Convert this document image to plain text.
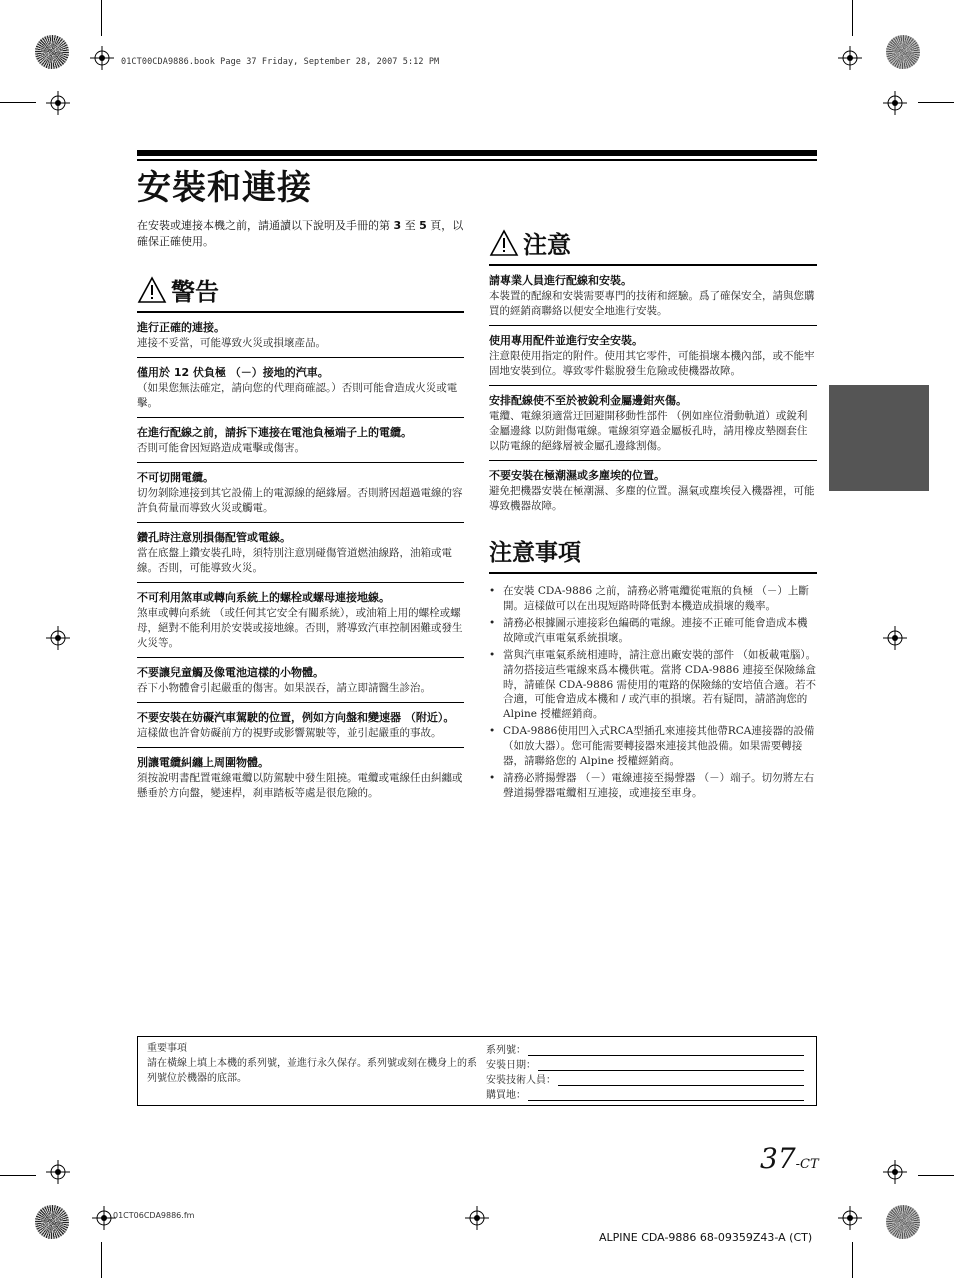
01CT00CDA9886.book Page 37 Friday, September 28, 2007 5:12 PM
安裝和連接

在安裝或連接本機之前，請通讀以下說明及手冊的第 3 至 5 頁，以確保正確使用。

警告
進行正確的連接。
連接不妥當，可能導致火災或損壞產品。
僅用於 12 伏負極 （－）接地的汽車。
（如果您無法確定，請向您的代理商確認。）否則可能會造成火災或電擊。
在進行配線之前，請拆下連接在電池負極端子上的電纜。
否則可能會因短路造成電擊或傷害。
不可切開電纜。
切勿剝除連接到其它設備上的電源線的絕緣層。否則將因超過電線的容許負荷量而導致火災或觸電。
鑽孔時注意別損傷配管或電線。
當在底盤上鑽安裝孔時，須特別注意別碰傷管道燃油線路，油箱或電線。否則，可能導致火災。
不可利用煞車或轉向系統上的螺栓或螺母連接地線。
煞車或轉向系統 （或任何其它安全有關系統），或油箱上用的螺栓或螺母，絕對不能利用於安裝或接地線。否則，將導致汽車控制困難或發生火災等。
不要讓兒童觸及像電池這樣的小物體。
吞下小物體會引起嚴重的傷害。如果誤吞，請立即請醫生診治。
不要安裝在妨礙汽車駕駛的位置，例如方向盤和變速器 （附近）。
這樣做也許會妨礙前方的視野或影響駕駛等，並引起嚴重的事故。
別讓電纜糾纏上周圍物體。
須按說明書配置電線電纜以防駕駛中發生阻撓。電纜或電線任由糾纏或懸垂於方向盤，變速桿，刹車踏板等處是很危險的。
注意
請專業人員進行配線和安裝。
本裝置的配線和安裝需要專門的技術和經驗。爲了確保安全，請與您購買的經銷商聯絡以便安全地進行安裝。
使用專用配件並進行安全安裝。
注意限使用指定的附件。使用其它零件，可能損壞本機內部，或不能牢固地安裝到位。導致零件鬆脫發生危險或使機器故障。
安排配線使不至於被銳利金屬邊鉗夾傷。
電纜、電線須適當迂回避開移動性部件 （例如座位滑動軌道）或銳利金屬邊緣 以防鉗傷電線。電線須穿過金屬板孔時，請用橡皮墊圈套住以防電線的絕緣層被金屬孔邊緣割傷。
不要安裝在極潮濕或多塵埃的位置。
避免把機器安裝在極潮濕、多塵的位置。濕氣或塵埃侵入機器裡，可能導致機器故障。
注意事項
• 在安裝 CDA-9886 之前，請務必將電纜從電瓶的負極 （－）上斷開。這樣做可以在出現短路時降低對本機造成損壞的幾率。
• 請務必根據圖示連接彩色編碼的電線。連接不正確可能會造成本機故障或汽車電氣系統損壞。
• 當與汽車電氣系統相連時，請注意出廠安裝的部件 （如板載電腦）。請勿搭接這些電線來爲本機供電。當將 CDA-9886 連接至保險絲盒時，請確保 CDA-9886 需使用的電路的保險絲的安培值合適。若不合適，可能會造成本機和 / 或汽車的損壞。若有疑問，請諮詢您的 Alpine 授權經銷商。
• CDA-9886使用凹入式RCA型插孔來連接其他帶RCA連接器的設備 （如放大器）。您可能需要轉接器來連接其他設備。如果需要轉接器，請聯絡您的 Alpine 授權經銷商。
• 請務必將揚聲器 （－）電線連接至揚聲器 （－）端子。切勿將左右聲道揚聲器電纜相互連接，或連接至車身。
重要事項
請在橫線上填上本機的系列號，並進行永久保存。系列號或刻在機身上的系列號位於機器的底部。
系列號：
安裝日期：
安裝技術人員：
購買地：
37-CT
01CT06CDA9886.fm
ALPINE CDA-9886 68-09359Z43-A (CT)
